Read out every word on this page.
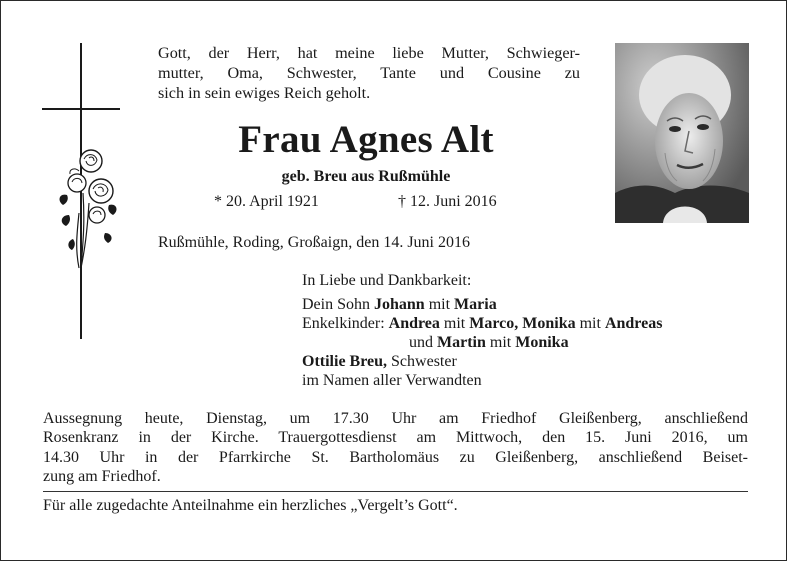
Gott, der Herr, hat meine liebe Mutter, Schwieger-
mutter, Oma, Schwester, Tante und Cousine zu
sich in sein ewiges Reich geholt.
Frau Agnes Alt
geb. Breu aus Rußmühle
* 20. April 1921	† 12. Juni 2016
Rußmühle, Roding, Großaign, den 14. Juni 2016
In Liebe und Dankbarkeit:
Dein Sohn Johann mit Maria
Enkelkinder: Andrea mit Marco, Monika mit Andreas
und Martin mit Monika
Ottilie Breu, Schwester
im Namen aller Verwandten
Aussegnung heute, Dienstag, um 17.30 Uhr am Friedhof Gleißenberg, anschließend
Rosenkranz in der Kirche. Trauergottesdienst am Mittwoch, den 15. Juni 2016, um
14.30 Uhr in der Pfarrkirche St. Bartholomäus zu Gleißenberg, anschließend Beiset-
zung am Friedhof.
Für alle zugedachte Anteilnahme ein herzliches „Vergelt’s Gott“.
